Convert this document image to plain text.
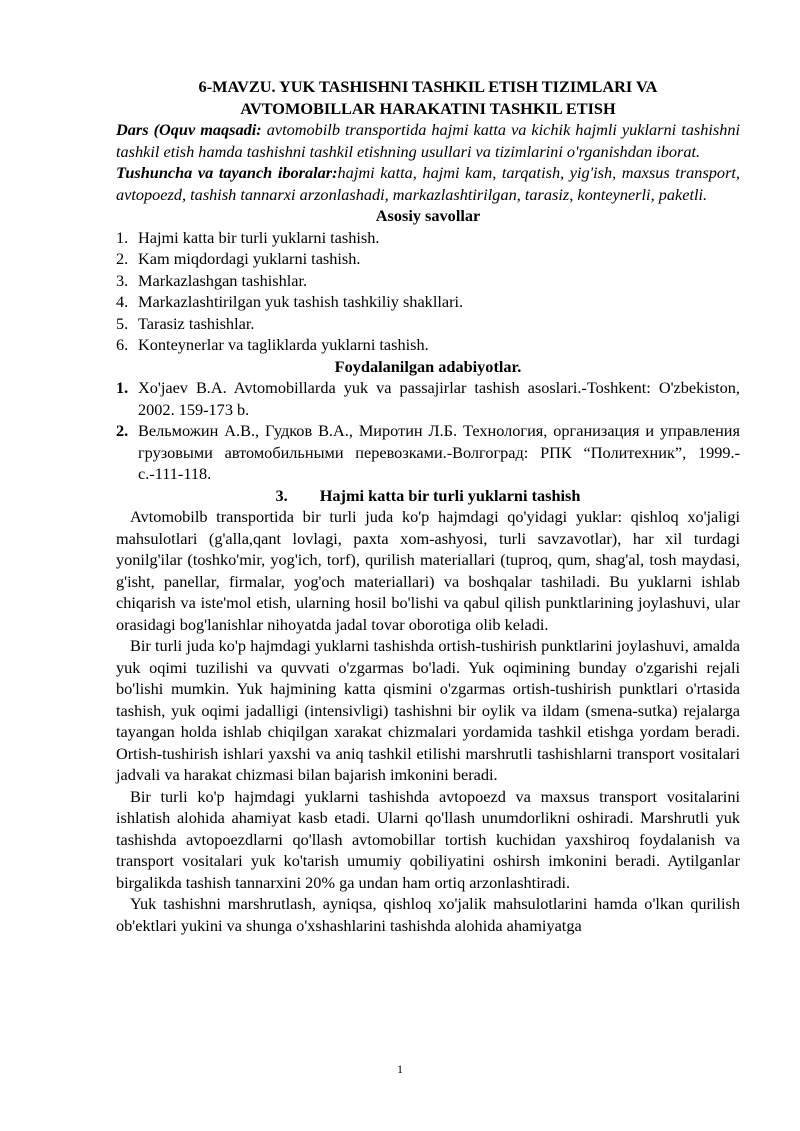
6-MAVZU. YUK TASHISHNI TASHKIL ETISH TIZIMLARI VA
AVTOMOBILLAR HARAKATINI TASHKIL ETISH
Dars (Oquv maqsadi: avtomobilb transportida hajmi katta va kichik hajmli yuklarni tashishni tashkil etish hamda tashishni tashkil etishning usullari va tizimlarini o'rganishdan iborat.
Tushuncha va tayanch iboralar:hajmi katta, hajmi kam, tarqatish, yig'ish, maxsus transport, avtopoezd, tashish tannarxi arzonlashadi, markazlashtirilgan, tarasiz, konteynerli, paketli.
Asosiy savollar
1. Hajmi katta bir turli yuklarni tashish.
2. Kam miqdordagi yuklarni tashish.
3. Markazlashgan tashishlar.
4. Markazlashtirilgan yuk tashish tashkiliy shakllari.
5. Tarasiz tashishlar.
6. Konteynerlar va tagliklarda yuklarni tashish.
Foydalanilgan adabiyotlar.
1. Xo'jaev B.A. Avtomobillarda yuk va passajirlar tashish asoslari.-Toshkent: O'zbekiston, 2002. 159-173 b.
2. Вельможин А.В., Гудков В.А., Миротин Л.Б. Технология, организация и управления грузовыми автомобильными перевозками.-Волгоград: РПК “Политехник”, 1999.-с.-111-118.
3. Hajmi katta bir turli yuklarni tashish
Avtomobilb transportida bir turli juda ko'p hajmdagi qo'yidagi yuklar: qishloq xo'jaligi mahsulotlari (g'alla,qant lovlagi, paxta xom-ashyosi, turli savzavotlar), har xil turdagi yonilg'ilar (toshko'mir, yog'ich, torf), qurilish materiallari (tuproq, qum, shag'al, tosh maydasi, g'isht, panellar, firmalar, yog'och materiallari) va boshqalar tashiladi. Bu yuklarni ishlab chiqarish va iste'mol etish, ularning hosil bo'lishi va qabul qilish punktlarining joylashuvi, ular orasidagi bog'lanishlar nihoyatda jadal tovar oborotiga olib keladi.
Bir turli juda ko'p hajmdagi yuklarni tashishda ortish-tushirish punktlarini joylashuvi, amalda yuk oqimi tuzilishi va quvvati o'zgarmas bo'ladi. Yuk oqimining bunday o'zgarishi rejali bo'lishi mumkin. Yuk hajmining katta qismini o'zgarmas ortish-tushirish punktlari o'rtasida tashish, yuk oqimi jadalligi (intensivligi) tashishni bir oylik va ildam (smena-sutka) rejalarga tayangan holda ishlab chiqilgan xarakat chizmalari yordamida tashkil etishga yordam beradi. Ortish-tushirish ishlari yaxshi va aniq tashkil etilishi marshrutli tashishlarni transport vositalari jadvali va harakat chizmasi bilan bajarish imkonini beradi.
Bir turli ko'p hajmdagi yuklarni tashishda avtopoezd va maxsus transport vositalarini ishlatish alohida ahamiyat kasb etadi. Ularni qo'llash unumdorlikni oshiradi. Marshrutli yuk tashishda avtopoezdlarni qo'llash avtomobillar tortish kuchidan yaxshiroq foydalanish va transport vositalari yuk ko'tarish umumiy qobiliyatini oshirsh imkonini beradi. Aytilganlar birgalikda tashish tannarxini 20% ga undan ham ortiq arzonlashtiradi.
Yuk tashishni marshrutlash, ayniqsa, qishloq xo'jalik mahsulotlarini hamda o'lkan qurilish ob'ektlari yukini va shunga o'xshashlarini tashishda alohida ahamiyatga
1
